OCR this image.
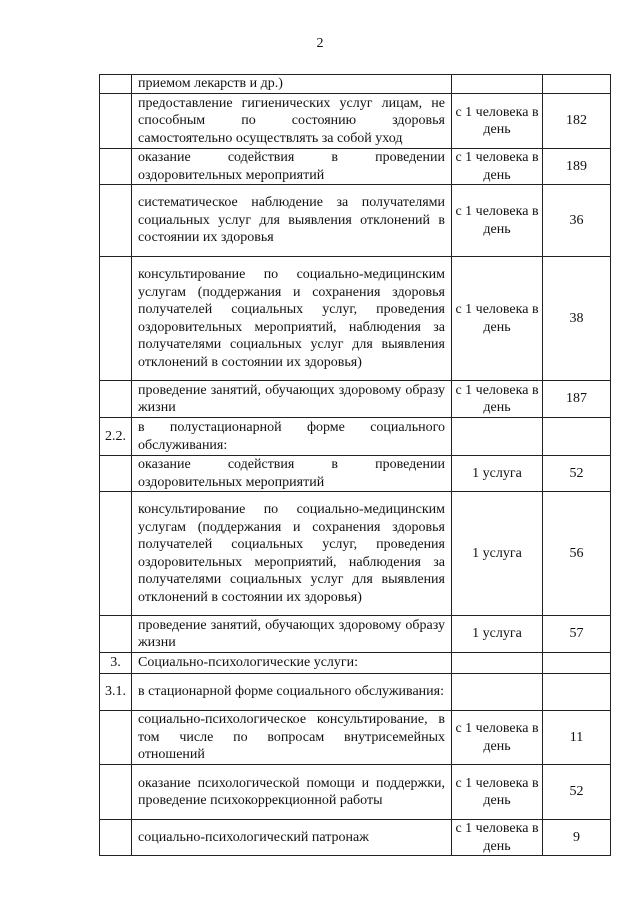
2
	приемом лекарств и др.)		
	предоставление гигиенических услуг лицам, не способным по состоянию здоровья самостоятельно осуществлять за собой уход	с 1 человека в день	182
	оказание содействия в проведении оздоровительных мероприятий	с 1 человека в день	189
	систематическое наблюдение за получателями социальных услуг для выявления отклонений в состоянии их здоровья	с 1 человека в день	36
	консультирование по социально-медицинским услугам (поддержания и сохранения здоровья получателей социальных услуг, проведения оздоровительных мероприятий, наблюдения за получателями социальных услуг для выявления отклонений в состоянии их здоровья)	с 1 человека в день	38
	проведение занятий, обучающих здоровому образу жизни	с 1 человека в день	187
2.2.	в полустационарной форме социального обслуживания:		
	оказание содействия в проведении оздоровительных мероприятий	1 услуга	52
	консультирование по социально-медицинским услугам (поддержания и сохранения здоровья получателей социальных услуг, проведения оздоровительных мероприятий, наблюдения за получателями социальных услуг для выявления отклонений в состоянии их здоровья)	1 услуга	56
	проведение занятий, обучающих здоровому образу жизни	1 услуга	57
3.	Социально-психологические услуги:		
3.1.	в стационарной форме социального обслуживания:		
	социально-психологическое консультирование, в том числе по вопросам внутрисемейных отношений	с 1 человека в день	11
	оказание психологической помощи и поддержки, проведение психокоррекционной работы	с 1 человека в день	52
	социально-психологический патронаж	с 1 человека в день	9
